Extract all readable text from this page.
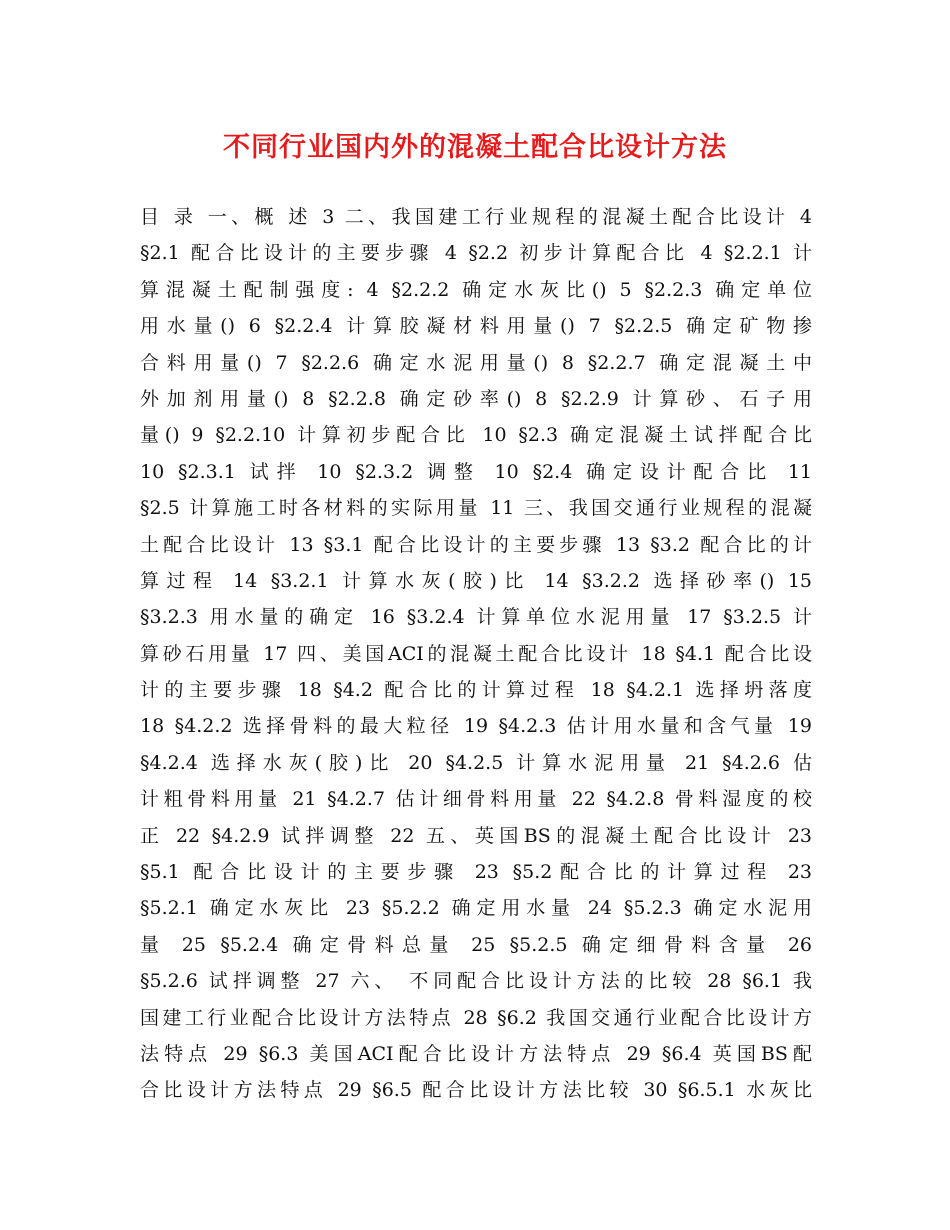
不同行业国内外的混凝土配合比设计方法
目 录 一、概 述 3 二、我国建工行业规程的混凝土配合比设计 4
§2.1 配合比设计的主要步骤 4 §2.2 初步计算配合比 4 §2.2.1 计
算混凝土配制强度: 4 §2.2.2 确定水灰比() 5 §2.2.3 确定单位
用水量() 6 §2.2.4 计算胶凝材料用量() 7 §2.2.5 确定矿物掺
合料用量() 7 §2.2.6 确定水泥用量() 8 §2.2.7 确定混凝土中
外加剂用量() 8 §2.2.8 确定砂率() 8 §2.2.9 计算砂、石子用
量() 9 §2.2.10 计算初步配合比 10 §2.3 确定混凝土试拌配合比
10 §2.3.1 试拌 10 §2.3.2 调整 10 §2.4 确定设计配合比 11
§2.5 计算施工时各材料的实际用量 11 三、我国交通行业规程的混凝
土配合比设计 13 §3.1 配合比设计的主要步骤 13 §3.2 配合比的计
算过程 14 §3.2.1 计算水灰(胶)比 14 §3.2.2 选择砂率() 15
§3.2.3 用水量的确定 16 §3.2.4 计算单位水泥用量 17 §3.2.5 计
算砂石用量 17 四、美国ACI的混凝土配合比设计 18 §4.1 配合比设
计的主要步骤 18 §4.2 配合比的计算过程 18 §4.2.1 选择坍落度
18 §4.2.2 选择骨料的最大粒径 19 §4.2.3 估计用水量和含气量 19
§4.2.4 选择水灰(胶)比 20 §4.2.5 计算水泥用量 21 §4.2.6 估
计粗骨料用量 21 §4.2.7 估计细骨料用量 22 §4.2.8 骨料湿度的校
正 22 §4.2.9 试拌调整 22 五、英国BS的混凝土配合比设计 23
§5.1 配合比设计的主要步骤 23 §5.2配合比的计算过程 23
§5.2.1 确定水灰比 23 §5.2.2 确定用水量 24 §5.2.3 确定水泥用
量 25 §5.2.4 确定骨料总量 25 §5.2.5 确定细骨料含量 26
§5.2.6 试拌调整 27 六、 不同配合比设计方法的比较 28 §6.1 我
国建工行业配合比设计方法特点 28 §6.2 我国交通行业配合比设计方
法特点 29 §6.3 美国ACI配合比设计方法特点 29 §6.4 英国BS配
合比设计方法特点 29 §6.5 配合比设计方法比较 30 §6.5.1 水灰比
